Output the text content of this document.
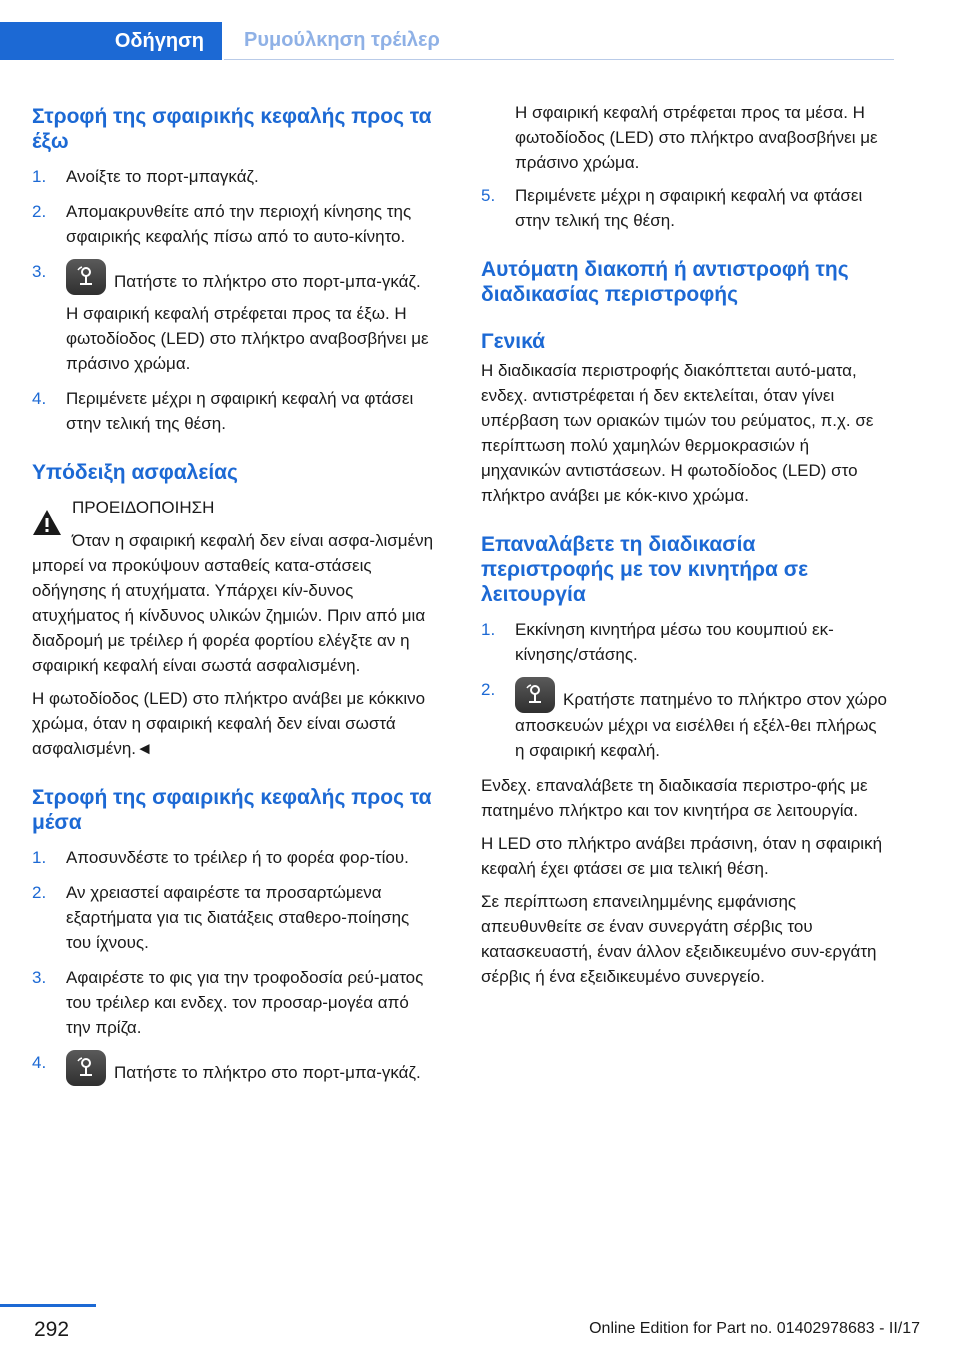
Οδήγηση	Ρυμούλκηση τρέιλερ
Στροφή της σφαιρικής κεφαλής προς τα έξω
1. Ανοίξτε το πορτ-μπαγκάζ.
2. Απομακρυνθείτε από την περιοχή κίνησης της σφαιρικής κεφαλής πίσω από το αυτο-κίνητο.
3.

Πατήστε το πλήκτρο στο πορτ-μπα-γκάζ.

Η σφαιρική κεφαλή στρέφεται προς τα έξω. Η φωτοδίοδος (LED) στο πλήκτρο αναβοσβήνει με πράσινο χρώμα.

4. Περιμένετε μέχρι η σφαιρική κεφαλή να φτάσει στην τελική της θέση.
Υπόδειξη ασφαλείας

ΠΡΟΕΙΔΟΠΟΙΗΣΗ

Όταν η σφαιρική κεφαλή δεν είναι ασφα-λισμένη μπορεί να προκύψουν ασταθείς κατα-στάσεις οδήγησης ή ατυχήματα. Υπάρχει κίν-δυνος ατυχήματος ή κίνδυνος υλικών ζημιών. Πριν από μια διαδρομή με τρέιλερ ή φορέα φορτίου ελέγξτε αν η σφαιρική κεφαλή είναι σωστά ασφαλισμένη.

Η φωτοδίοδος (LED) στο πλήκτρο ανάβει με κόκκινο χρώμα, όταν η σφαιρική κεφαλή δεν είναι σωστά ασφαλισμένη.◄

Στροφή της σφαιρικής κεφαλής προς τα μέσα
1. Αποσυνδέστε το τρέιλερ ή το φορέα φορ-τίου.
2. Αν χρειαστεί αφαιρέστε τα προσαρτώμενα εξαρτήματα για τις διατάξεις σταθερο-ποίησης του ίχνους.
3. Αφαιρέστε το φις για την τροφοδοσία ρεύ-ματος του τρέιλερ και ενδεχ. τον προσαρ-μογέα από την πρίζα.
4.

Πατήστε το πλήκτρο στο πορτ-μπα-γκάζ.

Η σφαιρική κεφαλή στρέφεται προς τα μέσα. Η φωτοδίοδος (LED) στο πλήκτρο αναβοσβήνει με πράσινο χρώμα.

5. Περιμένετε μέχρι η σφαιρική κεφαλή να φτάσει στην τελική της θέση.
Αυτόματη διακοπή ή αντιστροφή της διαδικασίας περιστροφής
Γενικά

Η διαδικασία περιστροφής διακόπτεται αυτό-ματα, ενδεχ. αντιστρέφεται ή δεν εκτελείται, όταν γίνει υπέρβαση των οριακών τιμών του ρεύματος, π.χ. σε περίπτωση πολύ χαμηλών θερμοκρασιών ή μηχανικών αντιστάσεων. Η φωτοδίοδος (LED) στο πλήκτρο ανάβει με κόκ-κινο χρώμα.

Επαναλάβετε τη διαδικασία περιστροφής με τον κινητήρα σε λειτουργία
1. Εκκίνηση κινητήρα μέσω του κουμπιού εκ-κίνησης/στάσης.
2.

Κρατήστε πατημένο το πλήκτρο στον χώρο αποσκευών μέχρι να εισέλθει ή εξέλ-θει πλήρως η σφαιρική κεφαλή.

Ενδεχ. επαναλάβετε τη διαδικασία περιστρο-φής με πατημένο πλήκτρο και τον κινητήρα σε λειτουργία.

Η LED στο πλήκτρο ανάβει πράσινη, όταν η σφαιρική κεφαλή έχει φτάσει σε μια τελική θέση.

Σε περίπτωση επανειλημμένης εμφάνισης απευθυνθείτε σε έναν συνεργάτη σέρβις του κατασκευαστή, έναν άλλον εξειδικευμένο συν-εργάτη σέρβις ή ένα εξειδικευμένο συνεργείο.

292	Online Edition for Part no. 01402978683 - II/17
